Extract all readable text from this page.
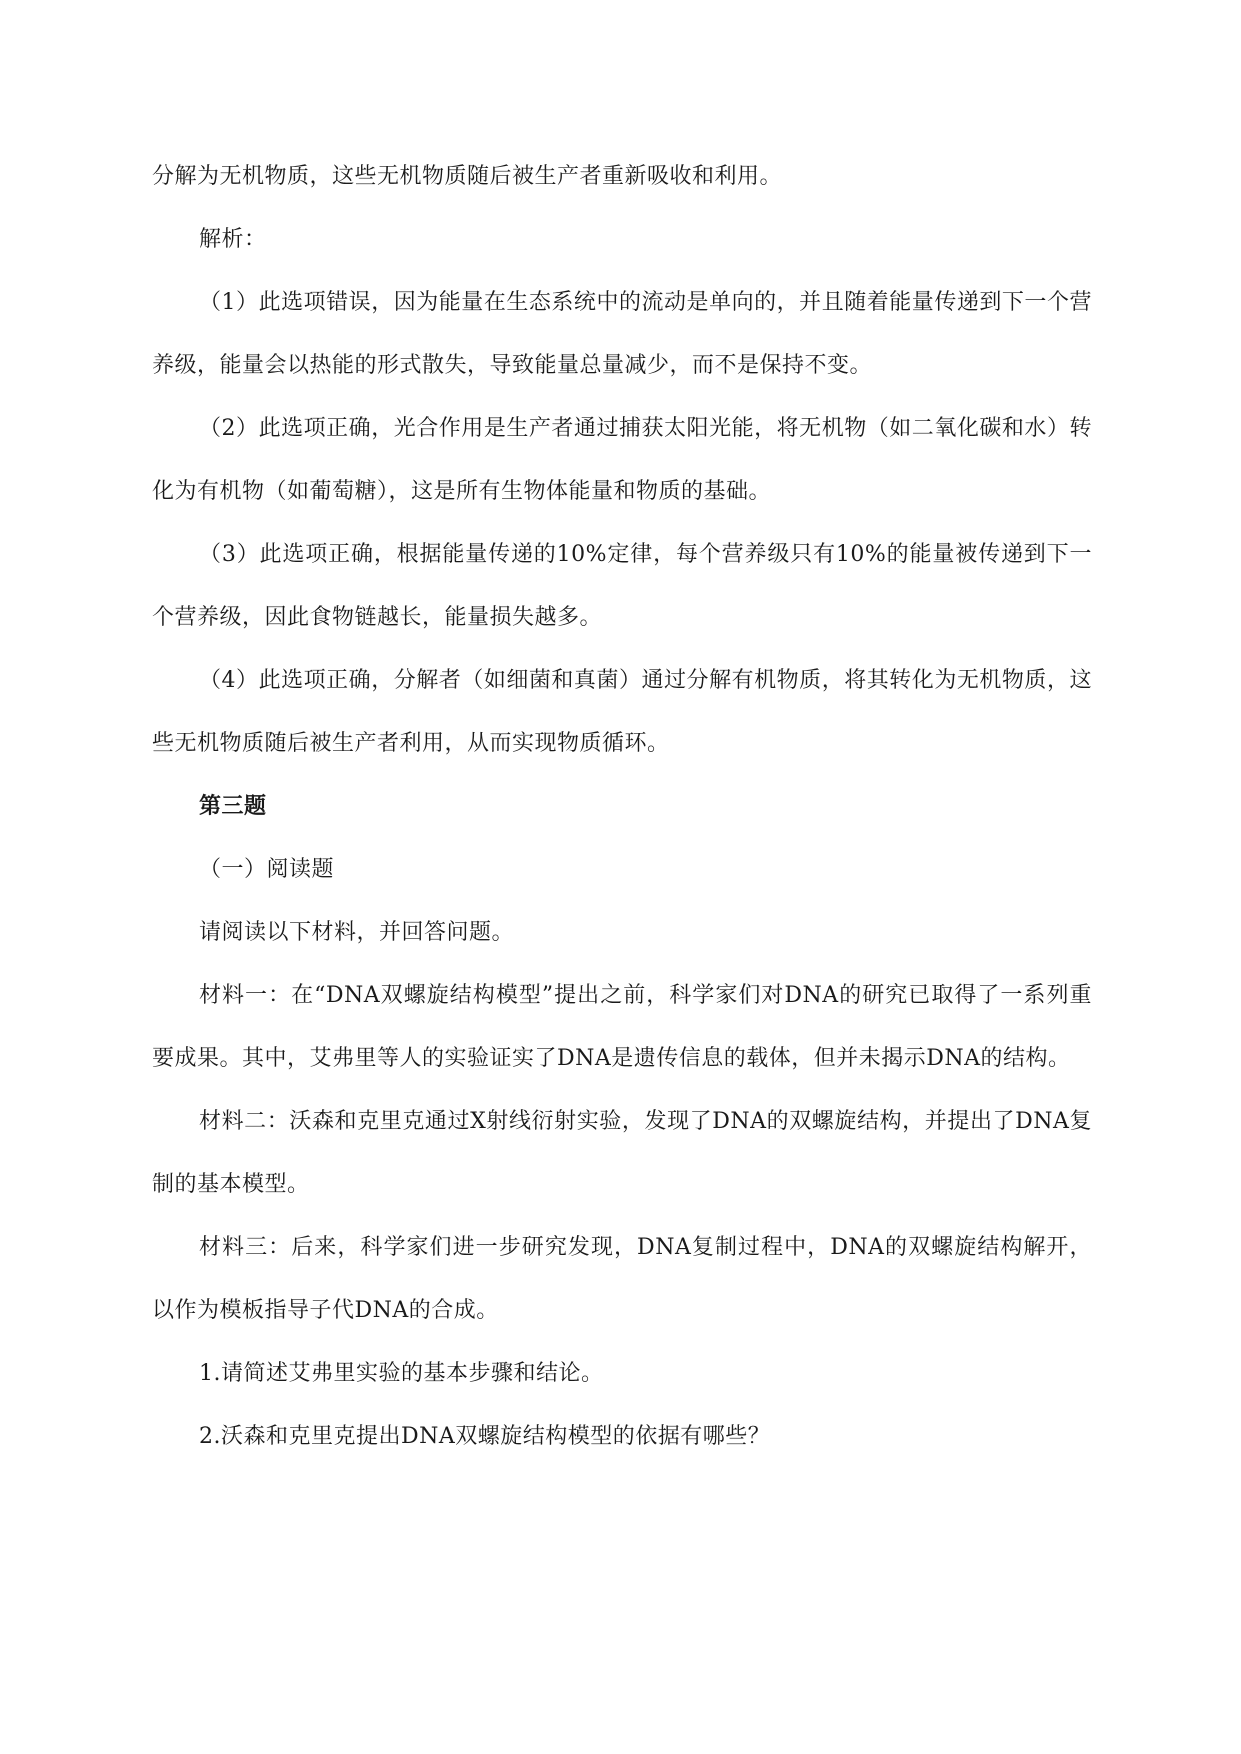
分解为无机物质，这些无机物质随后被生产者重新吸收和利用。

解析：

（1）此选项错误，因为能量在生态系统中的流动是单向的，并且随着能量传递到下一个营养级，能量会以热能的形式散失，导致能量总量减少，而不是保持不变。

（2）此选项正确，光合作用是生产者通过捕获太阳光能，将无机物（如二氧化碳和水）转化为有机物（如葡萄糖），这是所有生物体能量和物质的基础。

（3）此选项正确，根据能量传递的10%定律，每个营养级只有10%的能量被传递到下一个营养级，因此食物链越长，能量损失越多。

（4）此选项正确，分解者（如细菌和真菌）通过分解有机物质，将其转化为无机物质，这些无机物质随后被生产者利用，从而实现物质循环。

第三题

（一）阅读题

请阅读以下材料，并回答问题。

材料一：在“DNA双螺旋结构模型”提出之前，科学家们对DNA的研究已取得了一系列重要成果。其中，艾弗里等人的实验证实了DNA是遗传信息的载体，但并未揭示DNA的结构。

材料二：沃森和克里克通过X射线衍射实验，发现了DNA的双螺旋结构，并提出了DNA复制的基本模型。

材料三：后来，科学家们进一步研究发现，DNA复制过程中，DNA的双螺旋结构解开，以作为模板指导子代DNA的合成。

1.请简述艾弗里实验的基本步骤和结论。

2.沃森和克里克提出DNA双螺旋结构模型的依据有哪些？
